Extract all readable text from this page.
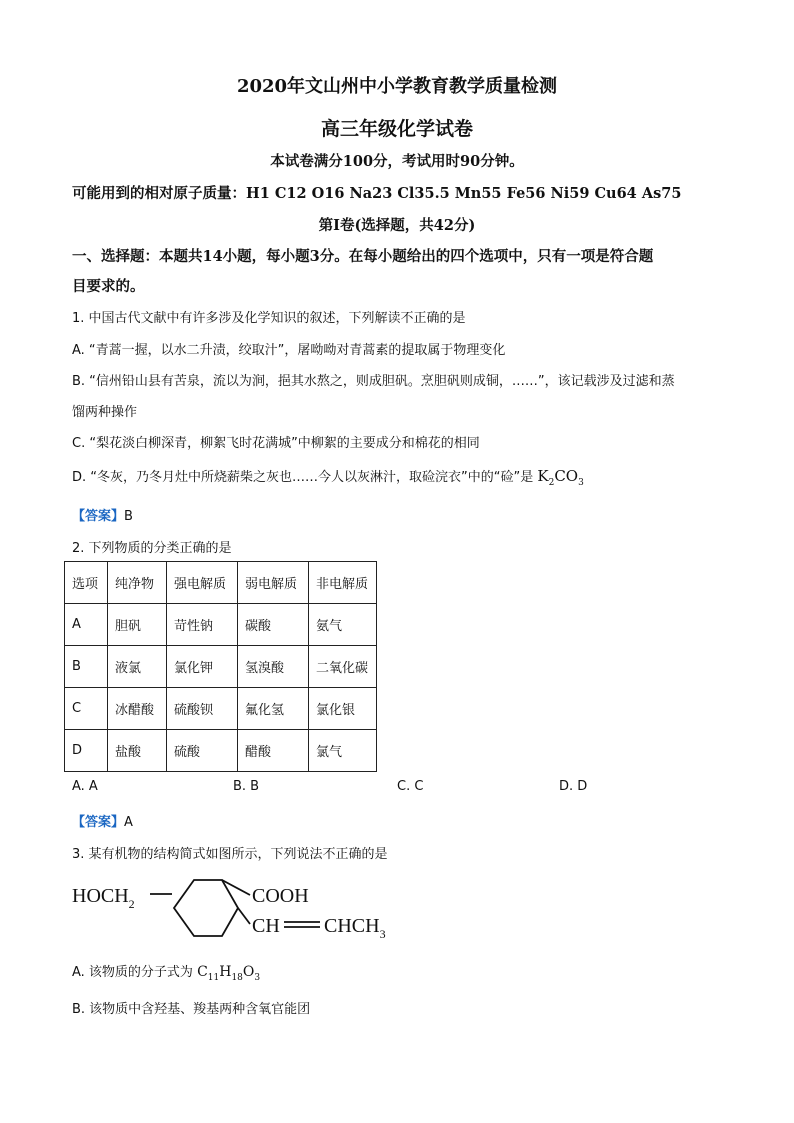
2020年文山州中小学教育教学质量检测
高三年级化学试卷
本试卷满分100分，考试用时90分钟。
可能用到的相对原子质量：H1 C12 O16 Na23 Cl35.5 Mn55 Fe56 Ni59 Cu64 As75
第I卷(选择题，共42分)
一、选择题：本题共14小题，每小题3分。在每小题给出的四个选项中，只有一项是符合题
目要求的。
1. 中国古代文献中有许多涉及化学知识的叙述，下列解读不正确的是
A. “青蒿一握，以水二升渍，绞取汁”，屠呦呦对青蒿素的提取属于物理变化
B. “信州铅山县有苦泉，流以为涧，挹其水熬之，则成胆矾。烹胆矾则成铜，……”，该记载涉及过滤和蒸
馏两种操作
C. “梨花淡白柳深青，柳絮飞时花满城”中柳絮的主要成分和棉花的相同
D. “冬灰，乃冬月灶中所烧薪柴之灰也……今人以灰淋汁，取硷浣衣”中的“硷”是 $K_2CO_3$
【答案】B
2. 下列物质的分类正确的是
选项	纯净物	强电解质	弱电解质	非电解质
A	胆矾	苛性钠	碳酸	氨气
B	液氯	氯化钾	氢溴酸	二氧化碳
C	冰醋酸	硫酸钡	氟化氢	氯化银
D	盐酸	硫酸	醋酸	氯气
A. A	B. B	C. C	D. D
【答案】A
3. 某有机物的结构简式如图所示，下列说法不正确的是
$HOCH_2$	COOH
CH $CHCH_3$
A. 该物质的分子式为 $C_{11}H_{18}O_3$
B. 该物质中含羟基、羧基两种含氧官能团
